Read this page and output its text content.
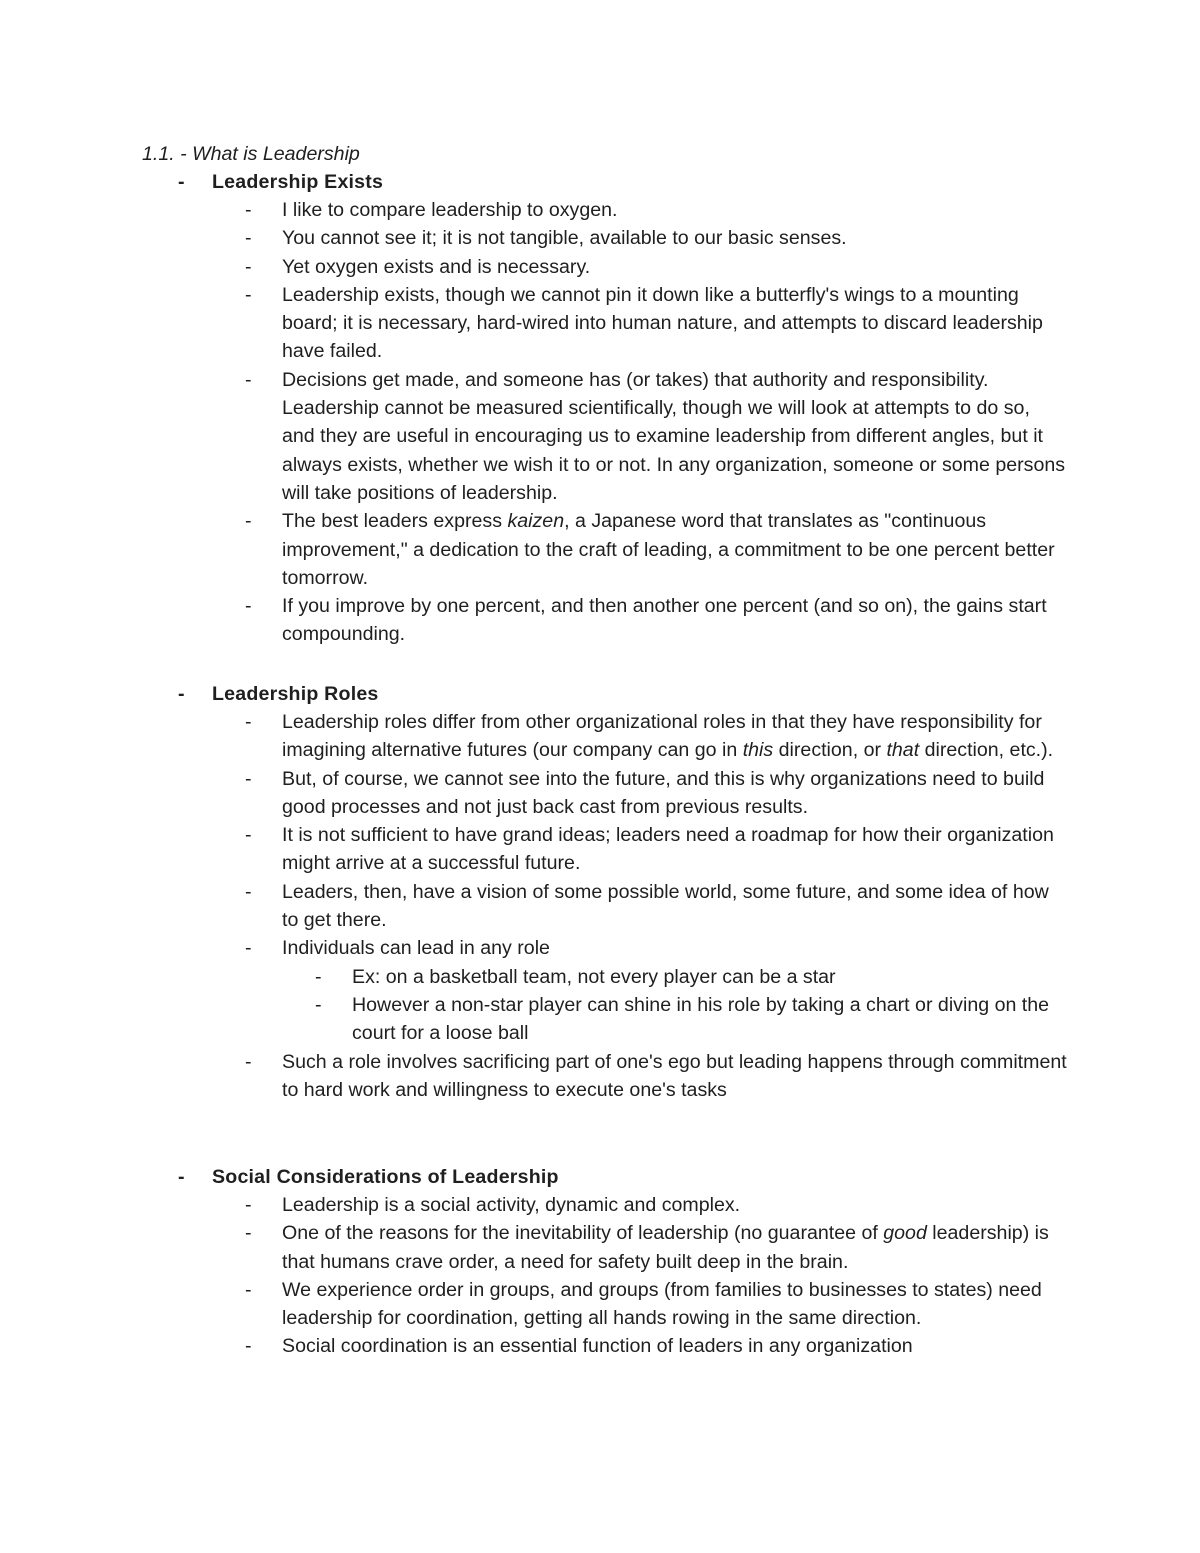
1.1. - What is Leadership
- Leadership Exists
- I like to compare leadership to oxygen.
- You cannot see it; it is not tangible, available to our basic senses.
- Yet oxygen exists and is necessary.
- Leadership exists, though we cannot pin it down like a butterfly's wings to a mounting board; it is necessary, hard-wired into human nature, and attempts to discard leadership have failed.
- Decisions get made, and someone has (or takes) that authority and responsibility. Leadership cannot be measured scientifically, though we will look at attempts to do so, and they are useful in encouraging us to examine leadership from different angles, but it always exists, whether we wish it to or not. In any organization, someone or some persons will take positions of leadership.
- The best leaders express kaizen, a Japanese word that translates as "continuous improvement," a dedication to the craft of leading, a commitment to be one percent better tomorrow.
- If you improve by one percent, and then another one percent (and so on), the gains start compounding.
- Leadership Roles
- Leadership roles differ from other organizational roles in that they have responsibility for imagining alternative futures (our company can go in this direction, or that direction, etc.).
- But, of course, we cannot see into the future, and this is why organizations need to build good processes and not just back cast from previous results.
- It is not sufficient to have grand ideas; leaders need a roadmap for how their organization might arrive at a successful future.
- Leaders, then, have a vision of some possible world, some future, and some idea of how to get there.
- Individuals can lead in any role
- Ex: on a basketball team, not every player can be a star
- However a non-star player can shine in his role by taking a chart or diving on the court for a loose ball
- Such a role involves sacrificing part of one's ego but leading happens through commitment to hard work and willingness to execute one's tasks
- Social Considerations of Leadership
- Leadership is a social activity, dynamic and complex.
- One of the reasons for the inevitability of leadership (no guarantee of good leadership) is that humans crave order, a need for safety built deep in the brain.
- We experience order in groups, and groups (from families to businesses to states) need leadership for coordination, getting all hands rowing in the same direction.
- Social coordination is an essential function of leaders in any organization
